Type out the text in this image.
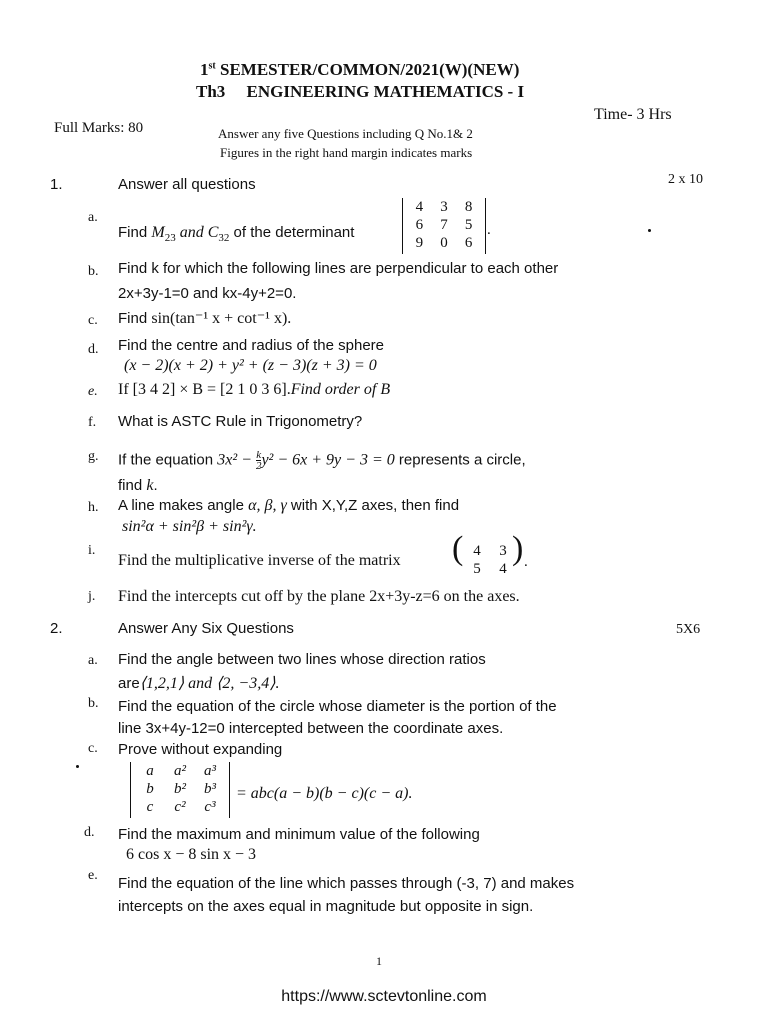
1st SEMESTER/COMMON/2021(W)(NEW)
Th3 ENGINEERING MATHEMATICS - I
Time- 3 Hrs
Full Marks: 80	Answer any five Questions including Q No.1& 2
Figures in the right hand margin indicates marks
1.	Answer all questions	2 x 10
a.
Find $M_{23}$ and $C_{32}$ of the determinant
4	3	8
6	7	5
9	0	6
.
b. Find k for which the following lines are perpendicular to each other
2x+3y-1=0 and kx-4y+2=0.
c. Find sin(tan⁻¹ x + cot⁻¹ x).
d. Find the centre and radius of the sphere
(x − 2)(x + 2) + y² + (z − 3)(z + 3) = 0
e. If [3 4 2] × B = [2 1 0 3 6].Find order of B
f. What is ASTC Rule in Trigonometry?
g. If the equation $3x^2 - \frac{k}{2} y^2 - 6x + 9y - 3 = 0$ represents a circle,
find k.
h. A line makes angle α, β, γ with X,Y,Z axes, then find
sin²α + sin²β + sin²γ.
i.
Find the multiplicative inverse of the matrix ( 4	3
5	4
) .
j. Find the intercepts cut off by the plane 2x+3y-z=6 on the axes.
2.	Answer Any Six Questions	5X6
a. Find the angle between two lines whose direction ratios
are⟨1,2,1⟩ and ⟨2, −3,4⟩.
b. Find the equation of the circle whose diameter is the portion of the
line 3x+4y-12=0 intercepted between the coordinate axes.
c. Prove without expanding
a	a²	a³
b	b²	b³
c	c²	c³
= abc(a − b)(b − c)(c − a).
d. Find the maximum and minimum value of the following
6 cos x − 8 sin x − 3
e. Find the equation of the line which passes through (-3, 7) and makes
intercepts on the axes equal in magnitude but opposite in sign.
1
https://www.sctevtonline.com
